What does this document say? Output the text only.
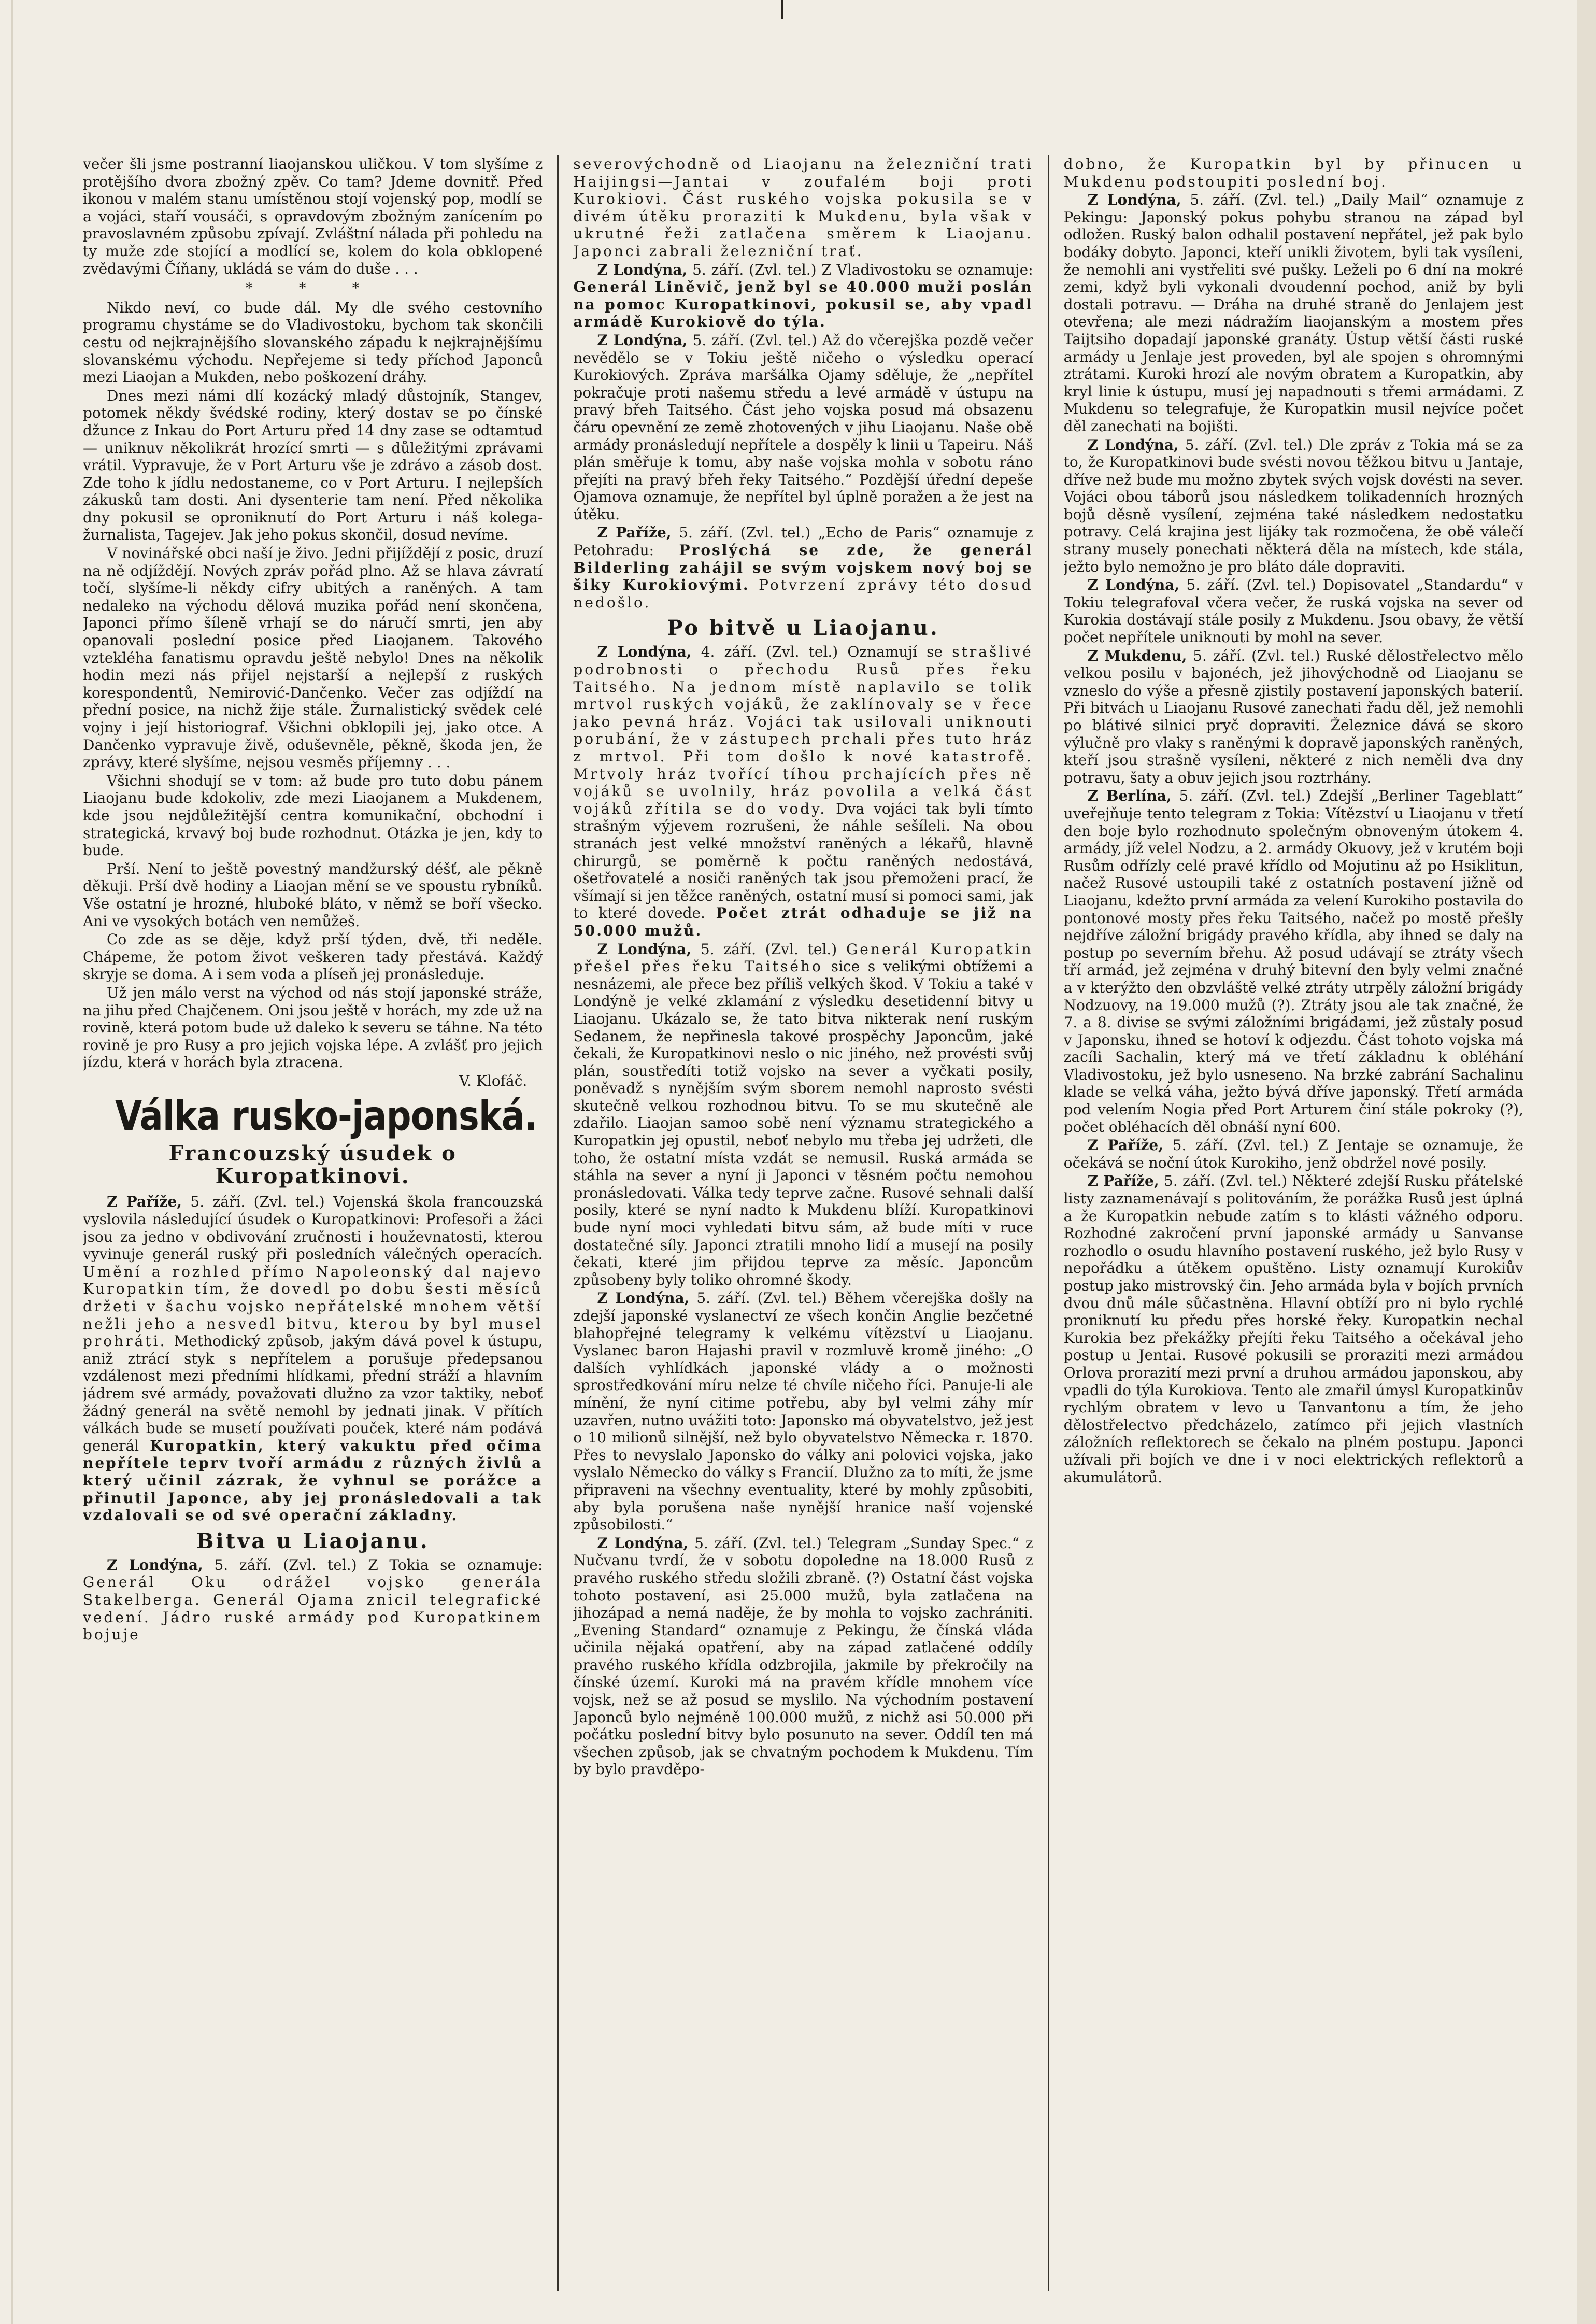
večer šli jsme postranní liaojanskou uličkou. V tom slyšíme z protějšího dvora zbožný zpěv. Co tam? Jdeme dovnitř. Před ikonou v malém stanu umístěnou stojí vojenský pop, modlí se a vojáci, staří vousáči, s opravdovým zbožným zanícením po pravoslavném způsobu zpívají. Zvláštní nálada při pohledu na ty muže zde stojící a modlící se, kolem do kola obklopené zvědavými Číňany, ukládá se vám do duše . . .

* * *

Nikdo neví, co bude dál. My dle svého cestovního programu chystáme se do Vladivostoku, bychom tak skončili cestu od nejkrajnějšího slovanského západu k nejkrajnějšímu slovanskému východu. Nepřejeme si tedy příchod Japonců mezi Liaojan a Mukden, nebo poškození dráhy.

Dnes mezi námi dlí kozácký mladý důstojník, Stangev, potomek někdy švédské rodiny, který dostav se po čínské džunce z Inkau do Port Arturu před 14 dny zase se odtamtud — uniknuv několikrát hrozící smrti — s důležitými zprávami vrátil. Vypravuje, že v Port Arturu vše je zdrávo a zásob dost. Zde toho k jídlu nedostaneme, co v Port Arturu. I nejlepších zákusků tam dosti. Ani dysenterie tam není. Před několika dny pokusil se oproniknutí do Port Arturu i náš kolega-žurnalista, Tagejev. Jak jeho pokus skončil, dosud nevíme.

V novinářské obci naší je živo. Jedni přijíždějí z posic, druzí na ně odjíždějí. Nových zpráv pořád plno. Až se hlava závratí točí, slyšíme-li někdy cifry ubitých a raněných. A tam nedaleko na východu dělová muzika pořád není skončena, Japonci přímo šíleně vrhají se do náručí smrti, jen aby opanovali poslední posice před Liaojanem. Takového vztekléha fanatismu opravdu ještě nebylo! Dnes na několik hodin mezi nás přijel nejstarší a nejlepší z ruských korespondentů, Nemirović-Dančenko. Večer zas odjíždí na přední posice, na nichž žije stále. Žurnalistický svědek celé vojny i její historiograf. Všichni obklopili jej, jako otce. A Dančenko vypravuje živě, oduševněle, pěkně, škoda jen, že zprávy, které slyšíme, nejsou vesměs příjemny . . .

Všichni shodují se v tom: až bude pro tuto dobu pánem Liaojanu bude kdokoliv, zde mezi Liaojanem a Mukdenem, kde jsou nejdůležitější centra komunikační, obchodní i strategická, krvavý boj bude rozhodnut. Otázka je jen, kdy to bude.

Prší. Není to ještě povestný mandžurský déšť, ale pěkně děkuji. Prší dvě hodiny a Liaojan mění se ve spoustu rybníků. Vše ostatní je hrozné, hluboké bláto, v němž se boří všecko. Ani ve vysokých botách ven nemůžeš.

Co zde as se děje, když prší týden, dvě, tři neděle. Chápeme, že potom život veškeren tady přestává. Každý skryje se doma. A i sem voda a plíseň jej pronásleduje.

Už jen málo verst na východ od nás stojí japonské stráže, na jihu před Chajčenem. Oni jsou ještě v horách, my zde už na rovině, která potom bude už daleko k severu se táhne. Na této rovině je pro Rusy a pro jejich vojska lépe. A zvlášť pro jejich jízdu, která v horách byla ztracena.

V. Klofáč.
Válka rusko-japonská.
Francouzský úsudek o Kuropatkinovi.

Z Paříže, 5. září. (Zvl. tel.) Vojenská škola francouzská vyslovila následující úsudek o Kuropatkinovi: Profesoři a žáci jsou za jedno v obdivování zručnosti i houževnatosti, kterou vyvinuje generál ruský při posledních válečných operacích. Umění a rozhled přímo Napoleonský dal najevo Kuropatkin tím, že dovedl po dobu šesti měsíců držeti v šachu vojsko nepřátelské mnohem větší nežli jeho a nesvedl bitvu, kterou by byl musel prohráti. Methodický způsob, jakým dává povel k ústupu, aniž ztrácí styk s nepřítelem a porušuje předepsanou vzdálenost mezi předními hlídkami, přední stráží a hlavním jádrem své armády, považovati dlužno za vzor taktiky, neboť žádný generál na světě nemohl by jednati jinak. V přítích válkách bude se musetí používati pouček, které nám podává generál Kuropatkin, který vakuktu před očima nepřítele teprv tvoří armádu z různých živlů a který učinil zázrak, že vyhnul se porážce a přinutil Japonce, aby jej pronásledovali a tak vzdalovali se od své operační základny.

Bitva u Liaojanu.

Z Londýna, 5. září. (Zvl. tel.) Z Tokia se oznamuje: Generál Oku odrážel vojsko generála Stakelberga. Generál Ojama znicil telegrafické vedení. Jádro ruské armády pod Kuropatkinem bojuje

severovýchodně od Liaojanu na železniční trati Haijingsi—Jantai v zoufalém boji proti Kurokiovi. Část ruského vojska pokusila se v divém útěku proraziti k Mukdenu, byla však v ukrutné řeži zatlačena směrem k Liaojanu. Japonci zabrali železniční trať.

Z Londýna, 5. září. (Zvl. tel.) Z Vladivostoku se oznamuje: Generál Liněvič, jenž byl se 40.000 muži poslán na pomoc Kuropatkinovi, pokusil se, aby vpadl armádě Kurokiově do týla.

Z Londýna, 5. září. (Zvl. tel.) Až do včerejška pozdě večer nevědělo se v Tokiu ještě ničeho o výsledku operací Kurokiových. Zpráva maršálka Ojamy sděluje, že „nepřítel pokračuje proti našemu středu a levé armádě v ústupu na pravý břeh Taitsého. Část jeho vojska posud má obsazenu čáru opevnění ze země zhotovených v jihu Liaojanu. Naše obě armády pronásledují nepřítele a dospěly k linii u Tapeiru. Náš plán směřuje k tomu, aby naše vojska mohla v sobotu ráno přejíti na pravý břeh řeky Taitsého.“ Pozdější úřední depeše Ojamova oznamuje, že nepřítel byl úplně poražen a že jest na útěku.

Z Paříže, 5. září. (Zvl. tel.) „Echo de Paris“ oznamuje z Petohradu: Proslýchá se zde, že generál Bilderling zahájil se svým vojskem nový boj se šiky Kurokiovými. Potvrzení zprávy této dosud nedošlo.

Po bitvě u Liaojanu.

Z Londýna, 4. září. (Zvl. tel.) Oznamují se strašlivé podrobnosti o přechodu Rusů přes řeku Taitsého. Na jednom místě naplavilo se tolik mrtvol ruských vojáků, že zaklínovaly se v řece jako pevná hráz. Vojáci tak usilovali uniknouti porubání, že v zástupech prchali přes tuto hráz z mrtvol. Při tom došlo k nové katastrofě. Mrtvoly hráz tvořící tíhou prchajících přes ně vojáků se uvolnily, hráz povolila a velká část vojáků zřítila se do vody. Dva vojáci tak byli tímto strašným výjevem rozrušeni, že náhle sešíleli. Na obou stranách jest velké množství raněných a lékařů, hlavně chirurgů, se poměrně k počtu raněných nedostává, ošetřovatelé a nosiči raněných tak jsou přemoženi prací, že všímají si jen těžce raněných, ostatní musí si pomoci sami, jak to které dovede. Počet ztrát odhaduje se již na 50.000 mužů.

Z Londýna, 5. září. (Zvl. tel.) Generál Kuropatkin přešel přes řeku Taitsého sice s velikými obtížemi a nesnázemi, ale přece bez příliš velkých škod. V Tokiu a také v Londýně je velké zklamání z výsledku desetidenní bitvy u Liaojanu. Ukázalo se, že tato bitva nikterak není ruským Sedanem, že nepřinesla takové prospěchy Japoncům, jaké čekali, že Kuropatkinovi neslo o nic jiného, než provésti svůj plán, soustředíti totiž vojsko na sever a vyčkati posily, poněvadž s nynějším svým sborem nemohl naprosto svésti skutečně velkou rozhodnou bitvu. To se mu skutečně ale zdařilo. Liaojan samoo sobě není významu strategického a Kuropatkin jej opustil, neboť nebylo mu třeba jej udržeti, dle toho, že ostatní místa vzdát se nemusil. Ruská armáda se stáhla na sever a nyní ji Japonci v těsném počtu nemohou pronásledovati. Válka tedy teprve začne. Rusové sehnali další posily, které se nyní nadto k Mukdenu blíží. Kuropatkinovi bude nyní moci vyhledati bitvu sám, až bude míti v ruce dostatečné síly. Japonci ztratili mnoho lidí a musejí na posily čekati, které jim přijdou teprve za měsíc. Japoncům způsobeny byly toliko ohromné škody.

Z Londýna, 5. září. (Zvl. tel.) Během včerejška došly na zdejší japonské vyslanectví ze všech končin Anglie bezčetné blahopřejné telegramy k velkému vítězství u Liaojanu. Vyslanec baron Hajashi pravil v rozmluvě kromě jiného: „O dalších vyhlídkách japonské vlády a o možnosti sprostředkování míru nelze té chvíle ničeho říci. Panuje-li ale mínění, že nyní citime potřebu, aby byl velmi záhy mír uzavřen, nutno uvážiti toto: Japonsko má obyvatelstvo, jež jest o 10 milionů silnější, než bylo obyvatelstvo Německa r. 1870. Přes to nevyslalo Japonsko do války ani polovici vojska, jako vyslalo Německo do války s Francií. Dlužno za to míti, že jsme připraveni na všechny eventuality, které by mohly způsobiti, aby byla porušena naše nynější hranice naší vojenské způsobilosti.“

Z Londýna, 5. září. (Zvl. tel.) Telegram „Sunday Spec.“ z Nučvanu tvrdí, že v sobotu dopoledne na 18.000 Rusů z pravého ruského středu složili zbraně. (?) Ostatní část vojska tohoto postavení, asi 25.000 mužů, byla zatlačena na jihozápad a nemá naděje, že by mohla to vojsko zachrániti. „Evening Standard“ oznamuje z Pekingu, že čínská vláda učinila nějaká opatření, aby na západ zatlačené oddíly pravého ruského křídla odzbrojila, jakmile by překročily na čínské území. Kuroki má na pravém křídle mnohem více vojsk, než se až posud se myslilo. Na východním postavení Japonců bylo nejméně 100.000 mužů, z nichž asi 50.000 při počátku poslední bitvy bylo posunuto na sever. Oddíl ten má všechen způsob, jak se chvatným pochodem k Mukdenu. Tím by bylo pravděpo-

dobno, že Kuropatkin byl by přinucen u Mukdenu podstoupiti poslední boj.

Z Londýna, 5. září. (Zvl. tel.) „Daily Mail“ oznamuje z Pekingu: Japonský pokus pohybu stranou na západ byl odložen. Ruský balon odhalil postavení nepřátel, jež pak bylo bodáky dobyto. Japonci, kteří unikli životem, byli tak vysíleni, že nemohli ani vystřeliti své pušky. Leželi po 6 dní na mokré zemi, když byli vykonali dvoudenní pochod, aniž by byli dostali potravu. — Dráha na druhé straně do Jenlajem jest otevřena; ale mezi nádražím liaojanským a mostem přes Taijtsiho dopadají japonské granáty. Ústup větší části ruské armády u Jenlaje jest proveden, byl ale spojen s ohromnými ztrátami. Kuroki hrozí ale novým obratem a Kuropatkin, aby kryl linie k ústupu, musí jej napadnouti s třemi armádami. Z Mukdenu so telegrafuje, že Kuropatkin musil nejvíce počet děl zanechati na bojišti.

Z Londýna, 5. září. (Zvl. tel.) Dle zpráv z Tokia má se za to, že Kuropatkinovi bude svésti novou těžkou bitvu u Jantaje, dříve než bude mu možno zbytek svých vojsk dovésti na sever. Vojáci obou táborů jsou následkem tolikadenních hrozných bojů děsně vysílení, zejména také následkem nedostatku potravy. Celá krajina jest lijáky tak rozmočena, že obě válečí strany musely ponechati některá děla na místech, kde stála, ježto bylo nemožno je pro bláto dále dopraviti.

Z Londýna, 5. září. (Zvl. tel.) Dopisovatel „Standardu“ v Tokiu telegrafoval včera večer, že ruská vojska na sever od Kurokia dostávají stále posily z Mukdenu. Jsou obavy, že větší počet nepřítele uniknouti by mohl na sever.

Z Mukdenu, 5. září. (Zvl. tel.) Ruské dělostřelectvo mělo velkou posilu v bajonéch, jež jihovýchodně od Liaojanu se vzneslo do výše a přesně zjistily postavení japonských baterií. Při bitvách u Liaojanu Rusové zanechati řadu děl, jež nemohli po blátivé silnici pryč dopraviti. Železnice dává se skoro výlučně pro vlaky s raněnými k dopravě japonských raněných, kteří jsou strašně vysíleni, některé z nich neměli dva dny potravu, šaty a obuv jejich jsou roztrhány.

Z Berlína, 5. září. (Zvl. tel.) Zdejší „Berliner Tageblatt“ uveřejňuje tento telegram z Tokia: Vítězství u Liaojanu v třetí den boje bylo rozhodnuto společným obnoveným útokem 4. armády, jíž velel Nodzu, a 2. armády Okuovy, jež v krutém boji Rusům odřízly celé pravé křídlo od Mojutinu až po Hsiklitun, načež Rusové ustoupili také z ostatních postavení jižně od Liaojanu, kdežto první armáda za velení Kurokiho postavila do pontonové mosty přes řeku Taitsého, načež po mostě přešly nejdříve záložní brigády pravého křídla, aby ihned se daly na postup po severním břehu. Až posud udávají se ztráty všech tří armád, jež zejména v druhý bitevní den byly velmi značné a v kterýžto den obzvláště velké ztráty utrpěly záložní brigády Nodzuovy, na 19.000 mužů (?). Ztráty jsou ale tak značné, že 7. a 8. divise se svými záložními brigádami, jež zůstaly posud v Japonsku, ihned se hotoví k odjezdu. Část tohoto vojska má zacíli Sachalin, který má ve třetí základnu k obléhání Vladivostoku, jež bylo usneseno. Na brzké zabrání Sachalinu klade se velká váha, ježto bývá dříve japonský. Třetí armáda pod velením Nogia před Port Arturem činí stále pokroky (?), počet obléhacích děl obnáší nyní 600.

Z Paříže, 5. září. (Zvl. tel.) Z Jentaje se oznamuje, že očekává se noční útok Kurokiho, jenž obdržel nové posily.

Z Paříže, 5. září. (Zvl. tel.) Některé zdejší Rusku přátelské listy zaznamenávají s politováním, že porážka Rusů jest úplná a že Kuropatkin nebude zatím s to klásti vážného odporu. Rozhodné zakročení první japonské armády u Sanvanse rozhodlo o osudu hlavního postavení ruského, jež bylo Rusy v nepořádku a útěkem opuštěno. Listy oznamují Kurokiův postup jako mistrovský čin. Jeho armáda byla v bojích prvních dvou dnů mále sůčastněna. Hlavní obtíží pro ni bylo rychlé proniknutí ku předu přes horské řeky. Kuropatkin nechal Kurokia bez překážky přejíti řeku Taitsého a očekával jeho postup u Jentai. Rusové pokusili se proraziti mezi armádou Orlova prorazití mezi první a druhou armádou japonskou, aby vpadli do týla Kurokiova. Tento ale zmařil úmysl Kuropatkinův rychlým obratem v levo u Tanvantonu a tím, že jeho dělostřelectvo předcházelo, zatímco při jejich vlastních záložních reflektorech se čekalo na plném postupu. Japonci užívali při bojích ve dne i v noci elektrických reflektorů a akumulátorů.
